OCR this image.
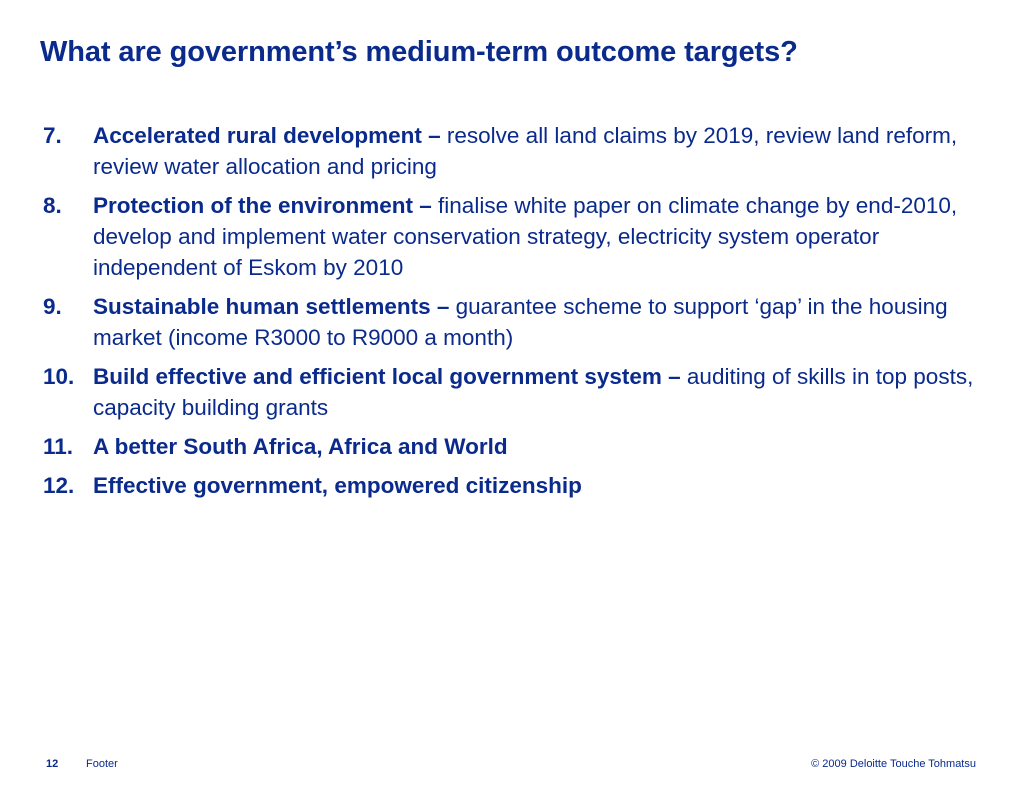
What are government’s medium-term outcome targets?
7. Accelerated rural development – resolve all land claims by 2019, review land reform, review water allocation and pricing
8. Protection of the environment – finalise white paper on climate change by end-2010, develop and implement water conservation strategy, electricity system operator independent of Eskom by 2010
9. Sustainable human settlements – guarantee scheme to support ‘gap’ in the housing market (income R3000 to R9000 a month)
10. Build effective and efficient local government system – auditing of skills in top posts, capacity building grants
11. A better South Africa, Africa and World
12. Effective government, empowered citizenship
12	Footer	© 2009 Deloitte Touche Tohmatsu
